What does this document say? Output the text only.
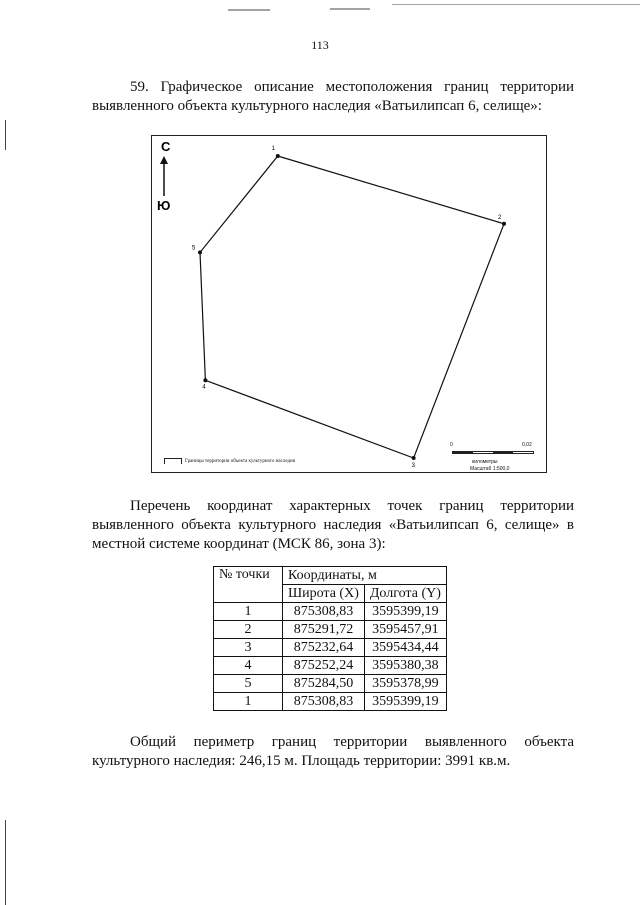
113
59. Графическое описание местоположения границ территории выявленного объекта культурного наследия «Ватьилипсап 6, селище»:
1
2
3
4
5
С
Ю
Границы территории объекта культурного наследия
0	0,02
километры
Масштаб 1:500,0
Перечень координат характерных точек границ территории выявленного объекта культурного наследия «Ватьилипсап 6, селище» в местной системе координат (МСК 86, зона 3):
№ точки	Координаты, м	
	Широта (X)	Долгота (Y)
1	875308,83	3595399,19
2	875291,72	3595457,91
3	875232,64	3595434,44
4	875252,24	3595380,38
5	875284,50	3595378,99
1	875308,83	3595399,19
Общий периметр границ территории выявленного объекта культурного наследия: 246,15 м. Площадь территории: 3991 кв.м.
